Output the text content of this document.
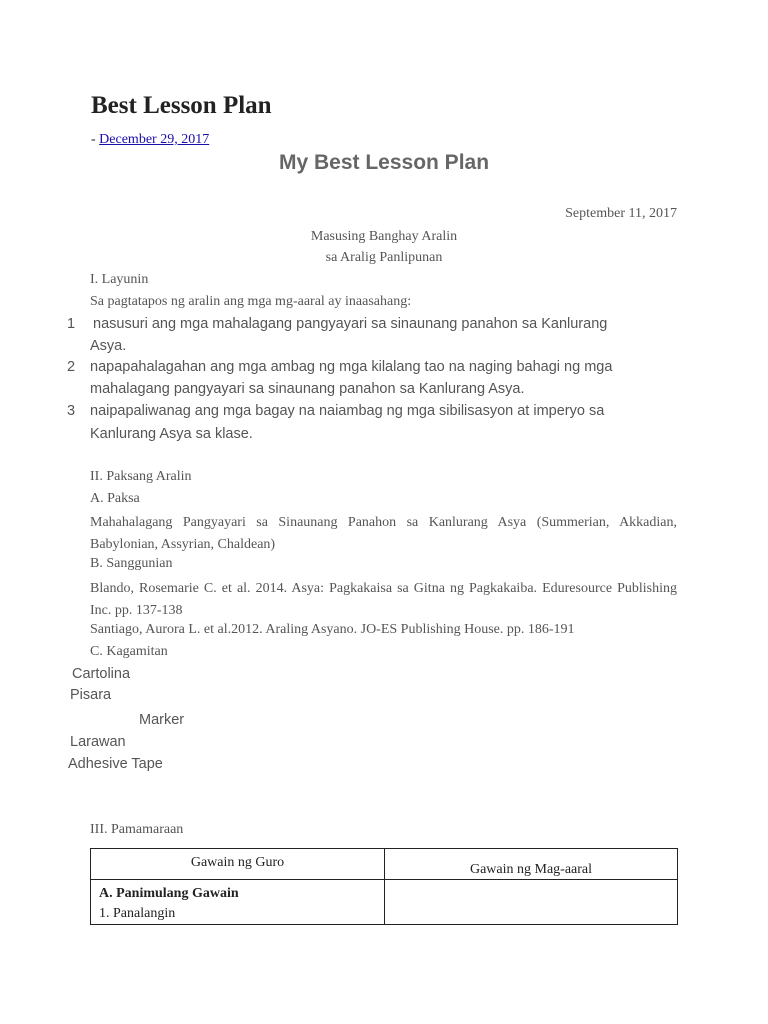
Best Lesson Plan
- December 29, 2017
My Best Lesson Plan
September 11, 2017
Masusing Banghay Aralin
sa Aralig Panlipunan
I. Layunin
Sa pagtatapos ng aralin ang mga mg-aaral ay inaasahang:
1 nasusuri ang mga mahalagang pangyayari sa sinaunang panahon sa Kanlurang
Asya.
2 napapahalagahan ang mga ambag ng mga kilalang tao na naging bahagi ng mga
mahalagang pangyayari sa sinaunang panahon sa Kanlurang Asya.
3 naipapaliwanag ang mga bagay na naiambag ng mga sibilisasyon at imperyo sa
Kanlurang Asya sa klase.
II. Paksang Aralin
A. Paksa
Mahahalagang Pangyayari sa Sinaunang Panahon sa Kanlurang Asya (Summerian, Akkadian, Babylonian, Assyrian, Chaldean)
B. Sanggunian
Blando, Rosemarie C. et al. 2014. Asya: Pagkakaisa sa Gitna ng Pagkakaiba. Eduresource Publishing Inc. pp. 137-138
Santiago, Aurora L. et al.2012. Araling Asyano. JO-ES Publishing House. pp. 186-191
C. Kagamitan
Cartolina
Pisara
Marker
Larawan
Adhesive Tape
III. Pamamaraan
Gawain ng Guro	Gawain ng Mag-aaral

A. Panimulang Gawain
1. Panalangin	
